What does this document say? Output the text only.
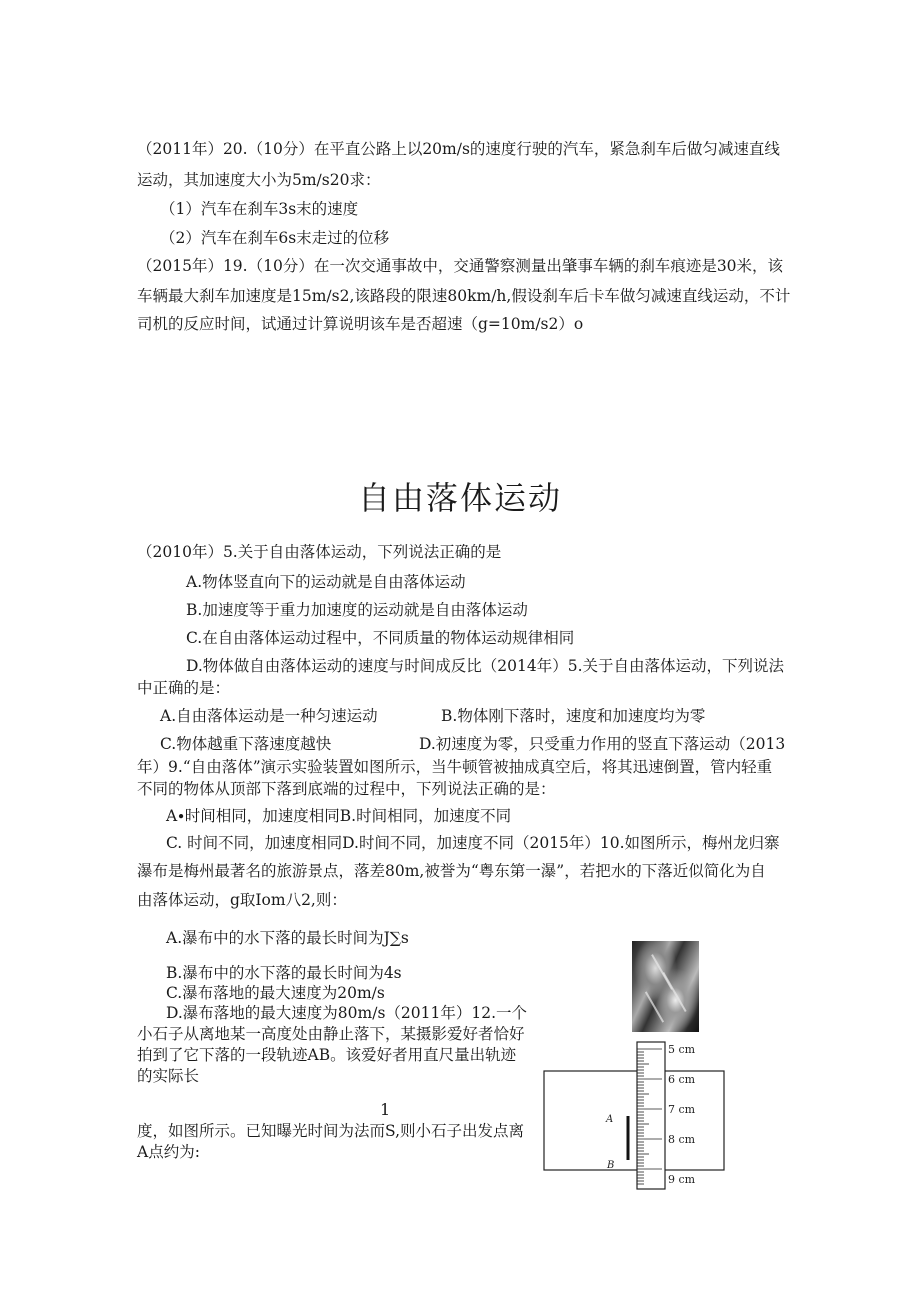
（2011年）20.（10分）在平直公路上以20m∕s的速度行驶的汽车，紧急刹车后做匀减速直线
运动，其加速度大小为5m∕s20求：
（1）汽车在刹车3s末的速度
（2）汽车在刹车6s末走过的位移
（2015年）19.（10分）在一次交通事故中，交通警察测量出肇事车辆的刹车痕迹是30米，该
车辆最大刹车加速度是15m∕s2,该路段的限速80km∕h,假设刹车后卡车做匀减速直线运动，不计
司机的反应时间，试通过计算说明该车是否超速（g=10m∕s2）o
自由落体运动
（2010年）5.关于自由落体运动，下列说法正确的是
A.物体竖直向下的运动就是自由落体运动
B.加速度等于重力加速度的运动就是自由落体运动
C.在自由落体运动过程中，不同质量的物体运动规律相同
D.物体做自由落体运动的速度与时间成反比（2014年）5.关于自由落体运动，下列说法
中正确的是：
A.自由落体运动是一种匀速运动	B.物体刚下落时，速度和加速度均为零
C.物体越重下落速度越快	D.初速度为零，只受重力作用的竖直下落运动（2013
年）9.“自由落体”演示实验装置如图所示，当牛顿管被抽成真空后，将其迅速倒置，管内轻重
不同的物体从顶部下落到底端的过程中，下列说法正确的是：
A∙时间相同，加速度相同B.时间相同，加速度不同
C. 时间不同，加速度相同D.时间不同，加速度不同（2015年）10.如图所示，梅州龙归寨
瀑布是梅州最著名的旅游景点，落差80m,被誉为“粤东第一瀑”，若把水的下落近似简化为自
由落体运动，g取Iom八2,则：
A.瀑布中的水下落的最长时间为J∑s
B.瀑布中的水下落的最长时间为4s
C.瀑布落地的最大速度为20m∕s
D.瀑布落地的最大速度为80m∕s（2011年）12.一个
小石子从离地某一高度处由静止落下，某摄影爱好者恰好
拍到了它下落的一段轨迹AB。该爱好者用直尺量出轨迹
的实际长
1
度，如图所示。已知曝光时间为法而S,则小石子出发点离
A点约为:
5 cm
6 cm
7 cm
8 cm
9 cm
A
B
